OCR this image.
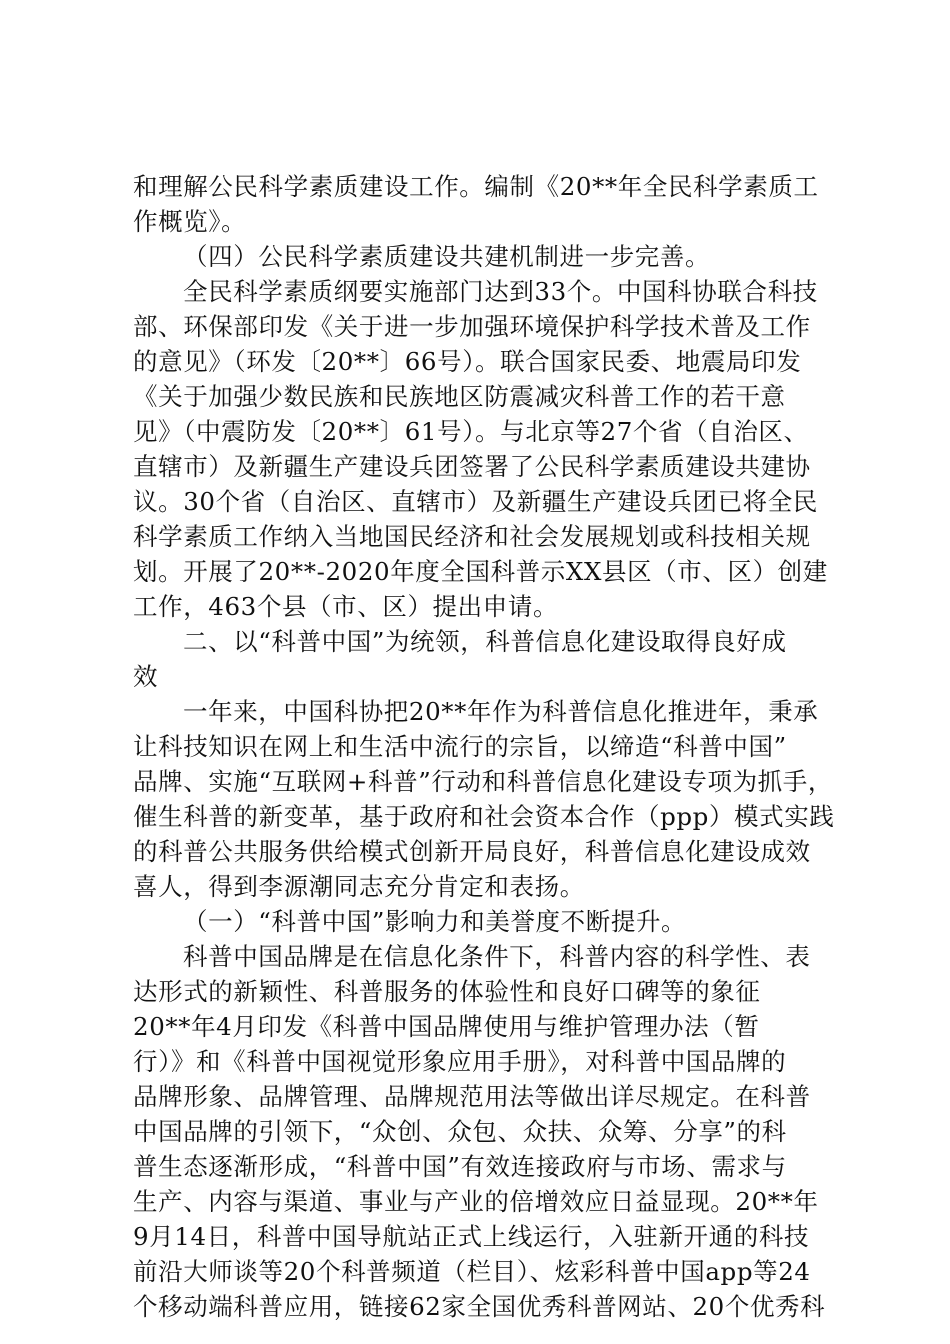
和理解公民科学素质建设工作。编制《20**年全民科学素质工
作概览》。
（四）公民科学素质建设共建机制进一步完善。
全民科学素质纲要实施部门达到33个。中国科协联合科技
部、环保部印发《关于进一步加强环境保护科学技术普及工作
的意见》（环发〔20**〕66号）。联合国家民委、地震局印发
《关于加强少数民族和民族地区防震减灾科普工作的若干意
见》（中震防发〔20**〕61号）。与北京等27个省（自治区、
直辖市）及新疆生产建设兵团签署了公民科学素质建设共建协
议。30个省（自治区、直辖市）及新疆生产建设兵团已将全民
科学素质工作纳入当地国民经济和社会发展规划或科技相关规
划。开展了20**-2020年度全国科普示XX县区（市、区）创建
工作，463个县（市、区）提出申请。
二、以“科普中国”为统领，科普信息化建设取得良好成
效
一年来，中国科协把20**年作为科普信息化推进年，秉承
让科技知识在网上和生活中流行的宗旨，以缔造“科普中国”
品牌、实施“互联网+科普”行动和科普信息化建设专项为抓手，
催生科普的新变革，基于政府和社会资本合作（ppp）模式实践
的科普公共服务供给模式创新开局良好，科普信息化建设成效
喜人，得到李源潮同志充分肯定和表扬。
（一）“科普中国”影响力和美誉度不断提升。
科普中国品牌是在信息化条件下，科普内容的科学性、表
达形式的新颖性、科普服务的体验性和良好口碑等的象征
20**年4月印发《科普中国品牌使用与维护管理办法（暂
行）》和《科普中国视觉形象应用手册》，对科普中国品牌的
品牌形象、品牌管理、品牌规范用法等做出详尽规定。在科普
中国品牌的引领下，“众创、众包、众扶、众筹、分享”的科
普生态逐渐形成，“科普中国”有效连接政府与市场、需求与
生产、内容与渠道、事业与产业的倍增效应日益显现。20**年
9月14日，科普中国导航站正式上线运行，入驻新开通的科技
前沿大师谈等20个科普频道（栏目）、炫彩科普中国app等24
个移动端科普应用，链接62家全国优秀科普网站、20个优秀科
